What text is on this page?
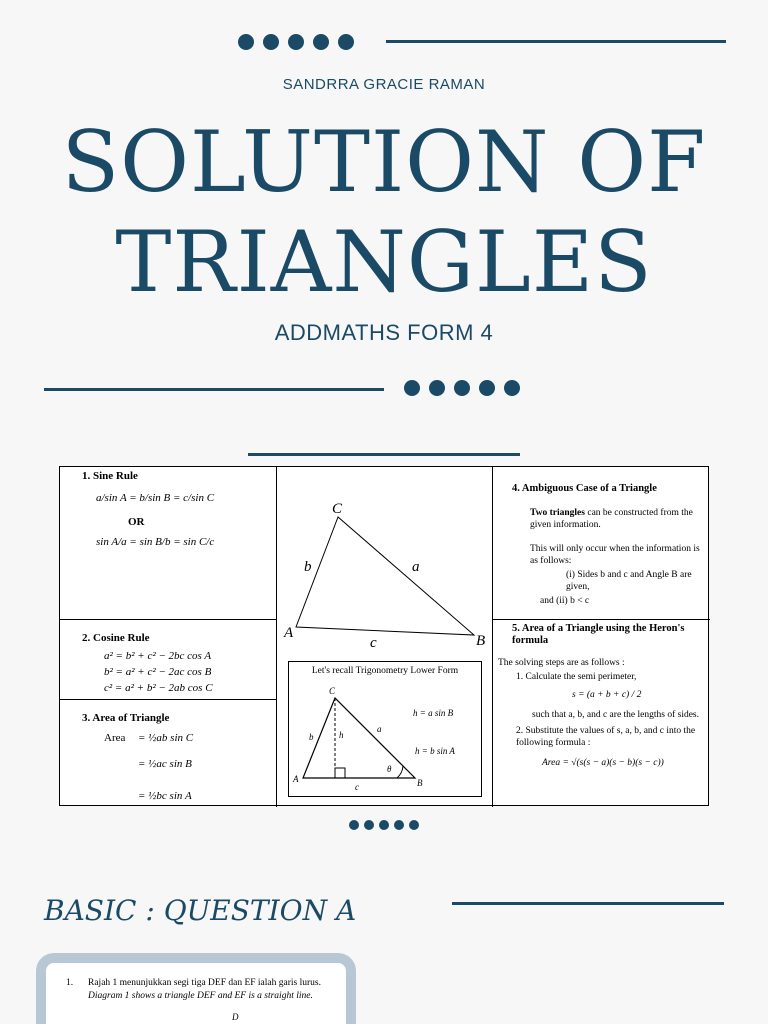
SANDRRA GRACIE RAMAN
SOLUTION OF
TRIANGLES
ADDMATHS FORM 4
1. Sine Rule
a/sin A = b/sin B = c/sin C
OR
sin A/a = sin B/b = sin C/c
2. Cosine Rule
a² = b² + c² − 2bc cos A
b² = a² + c² − 2ac cos B
c² = a² + b² − 2ab cos C
3. Area of Triangle
Area	= ½ab sin C
= ½ac sin B
= ½bc sin A
C
A	B
a
b
c
Let's recall Trigonometry Lower Form
C
A	B
b
a
c
h
θ
h = a sin B
h = b sin A
4. Ambiguous Case of a Triangle
Two triangles can be constructed from the given information.
This will only occur when the information is as follows:
(i) Sides b and c and Angle B are given,
and (ii) b < c
5. Area of a Triangle using the Heron's formula
The solving steps are as follows :
1. Calculate the semi perimeter,
s = (a + b + c) / 2
such that a, b, and c are the lengths of sides.
2. Substitute the values of s, a, b, and c into the following formula :
Area = √(s(s − a)(s − b)(s − c))
BASIC : QUESTION A
1.	Rajah 1 menunjukkan segi tiga DEF dan EF ialah garis lurus.
Diagram 1 shows a triangle DEF and EF is a straight line.
D
